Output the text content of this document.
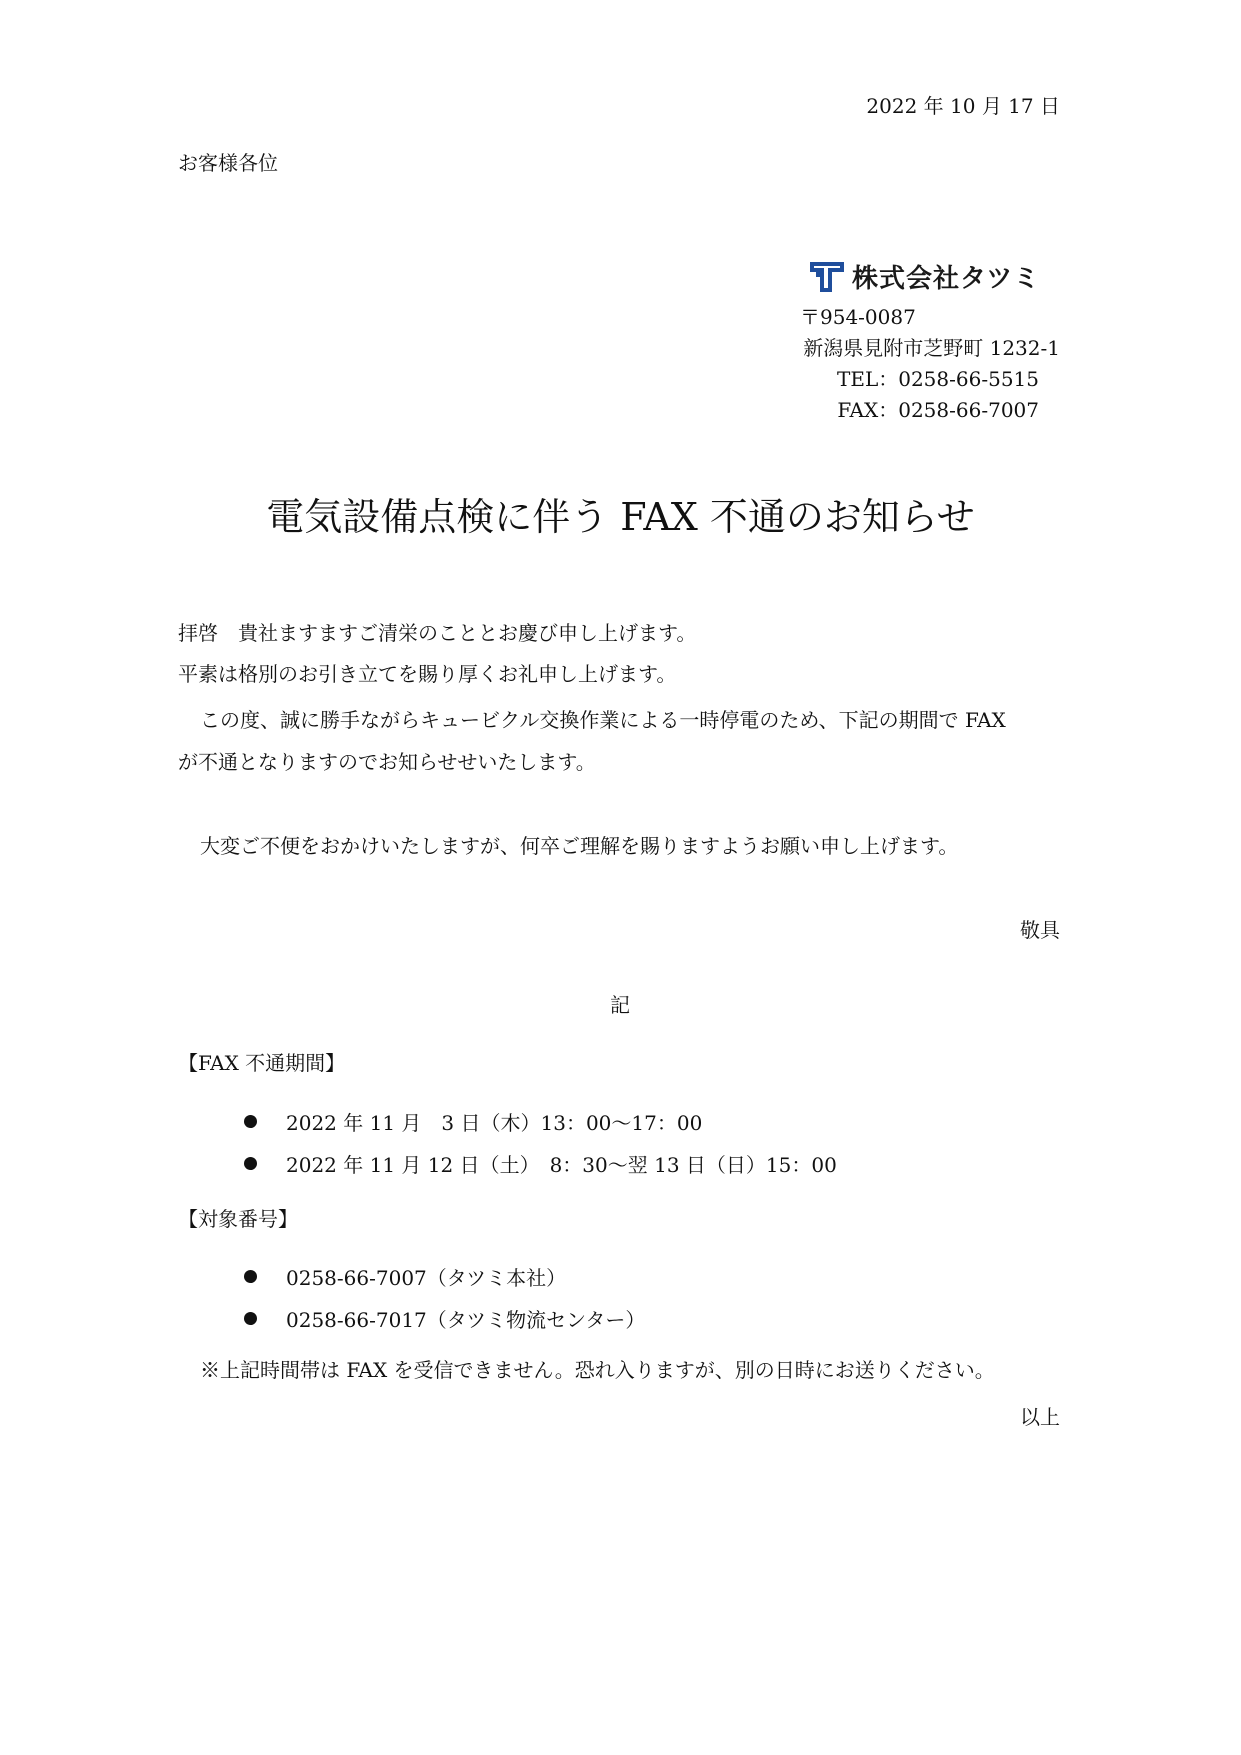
2022 年 10 月 17 日
お客様各位
株式会社タツミ
〒954-0087
新潟県見附市芝野町 1232-1
TEL：0258-66-5515
FAX：0258-66-7007
電気設備点検に伴う FAX 不通のお知らせ
拝啓　貴社ますますご清栄のこととお慶び申し上げます。
平素は格別のお引き立てを賜り厚くお礼申し上げます。
この度、誠に勝手ながらキュービクル交換作業による一時停電のため、下記の期間で FAX
が不通となりますのでお知らせせいたします。
大変ご不便をおかけいたしますが、何卒ご理解を賜りますようお願い申し上げます。
敬具
記
【FAX 不通期間】
2022 年 11 月　3 日（木）13：00～17：00
2022 年 11 月 12 日（土）　8：30～翌 13 日（日）15：00
【対象番号】
0258-66-7007（タツミ本社）
0258-66-7017（タツミ物流センター）
※上記時間帯は FAX を受信できません。恐れ入りますが、別の日時にお送りください。
以上
